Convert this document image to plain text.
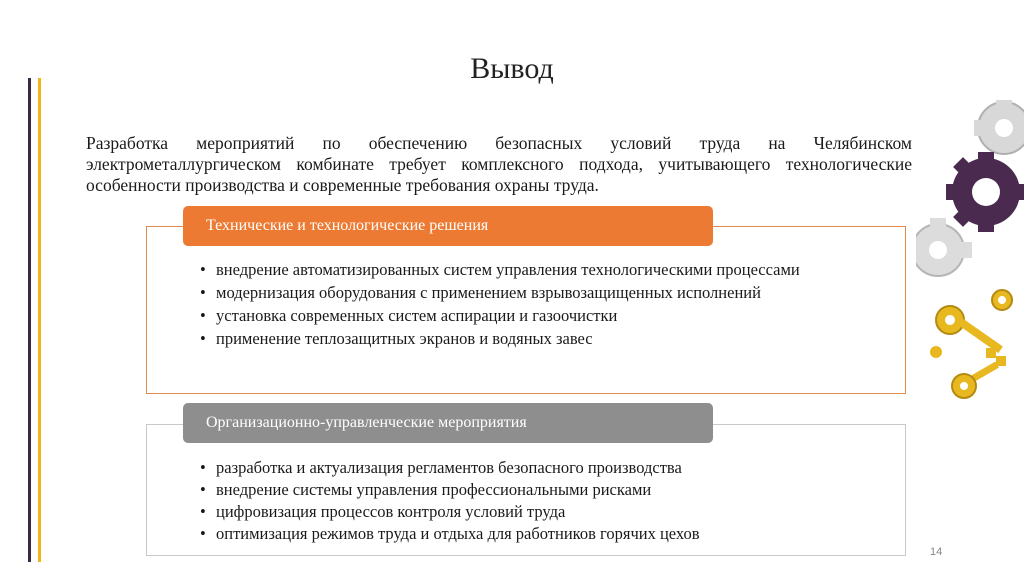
Вывод
Разработка мероприятий по обеспечению безопасных условий труда на Челябинском электрометаллургическом комбинате требует комплексного подхода, учитывающего технологические особенности производства и современные требования охраны труда.
Технические и технологические решения
• внедрение автоматизированных систем управления технологическими процессами
• модернизация оборудования с применением взрывозащищенных исполнений
• установка современных систем аспирации и газоочистки
• применение теплозащитных экранов и водяных завес
Организационно-управленческие мероприятия
• разработка и актуализация регламентов безопасного производства
• внедрение системы управления профессиональными рисками
• цифровизация процессов контроля условий труда
• оптимизация режимов труда и отдыха для работников горячих цехов
14
